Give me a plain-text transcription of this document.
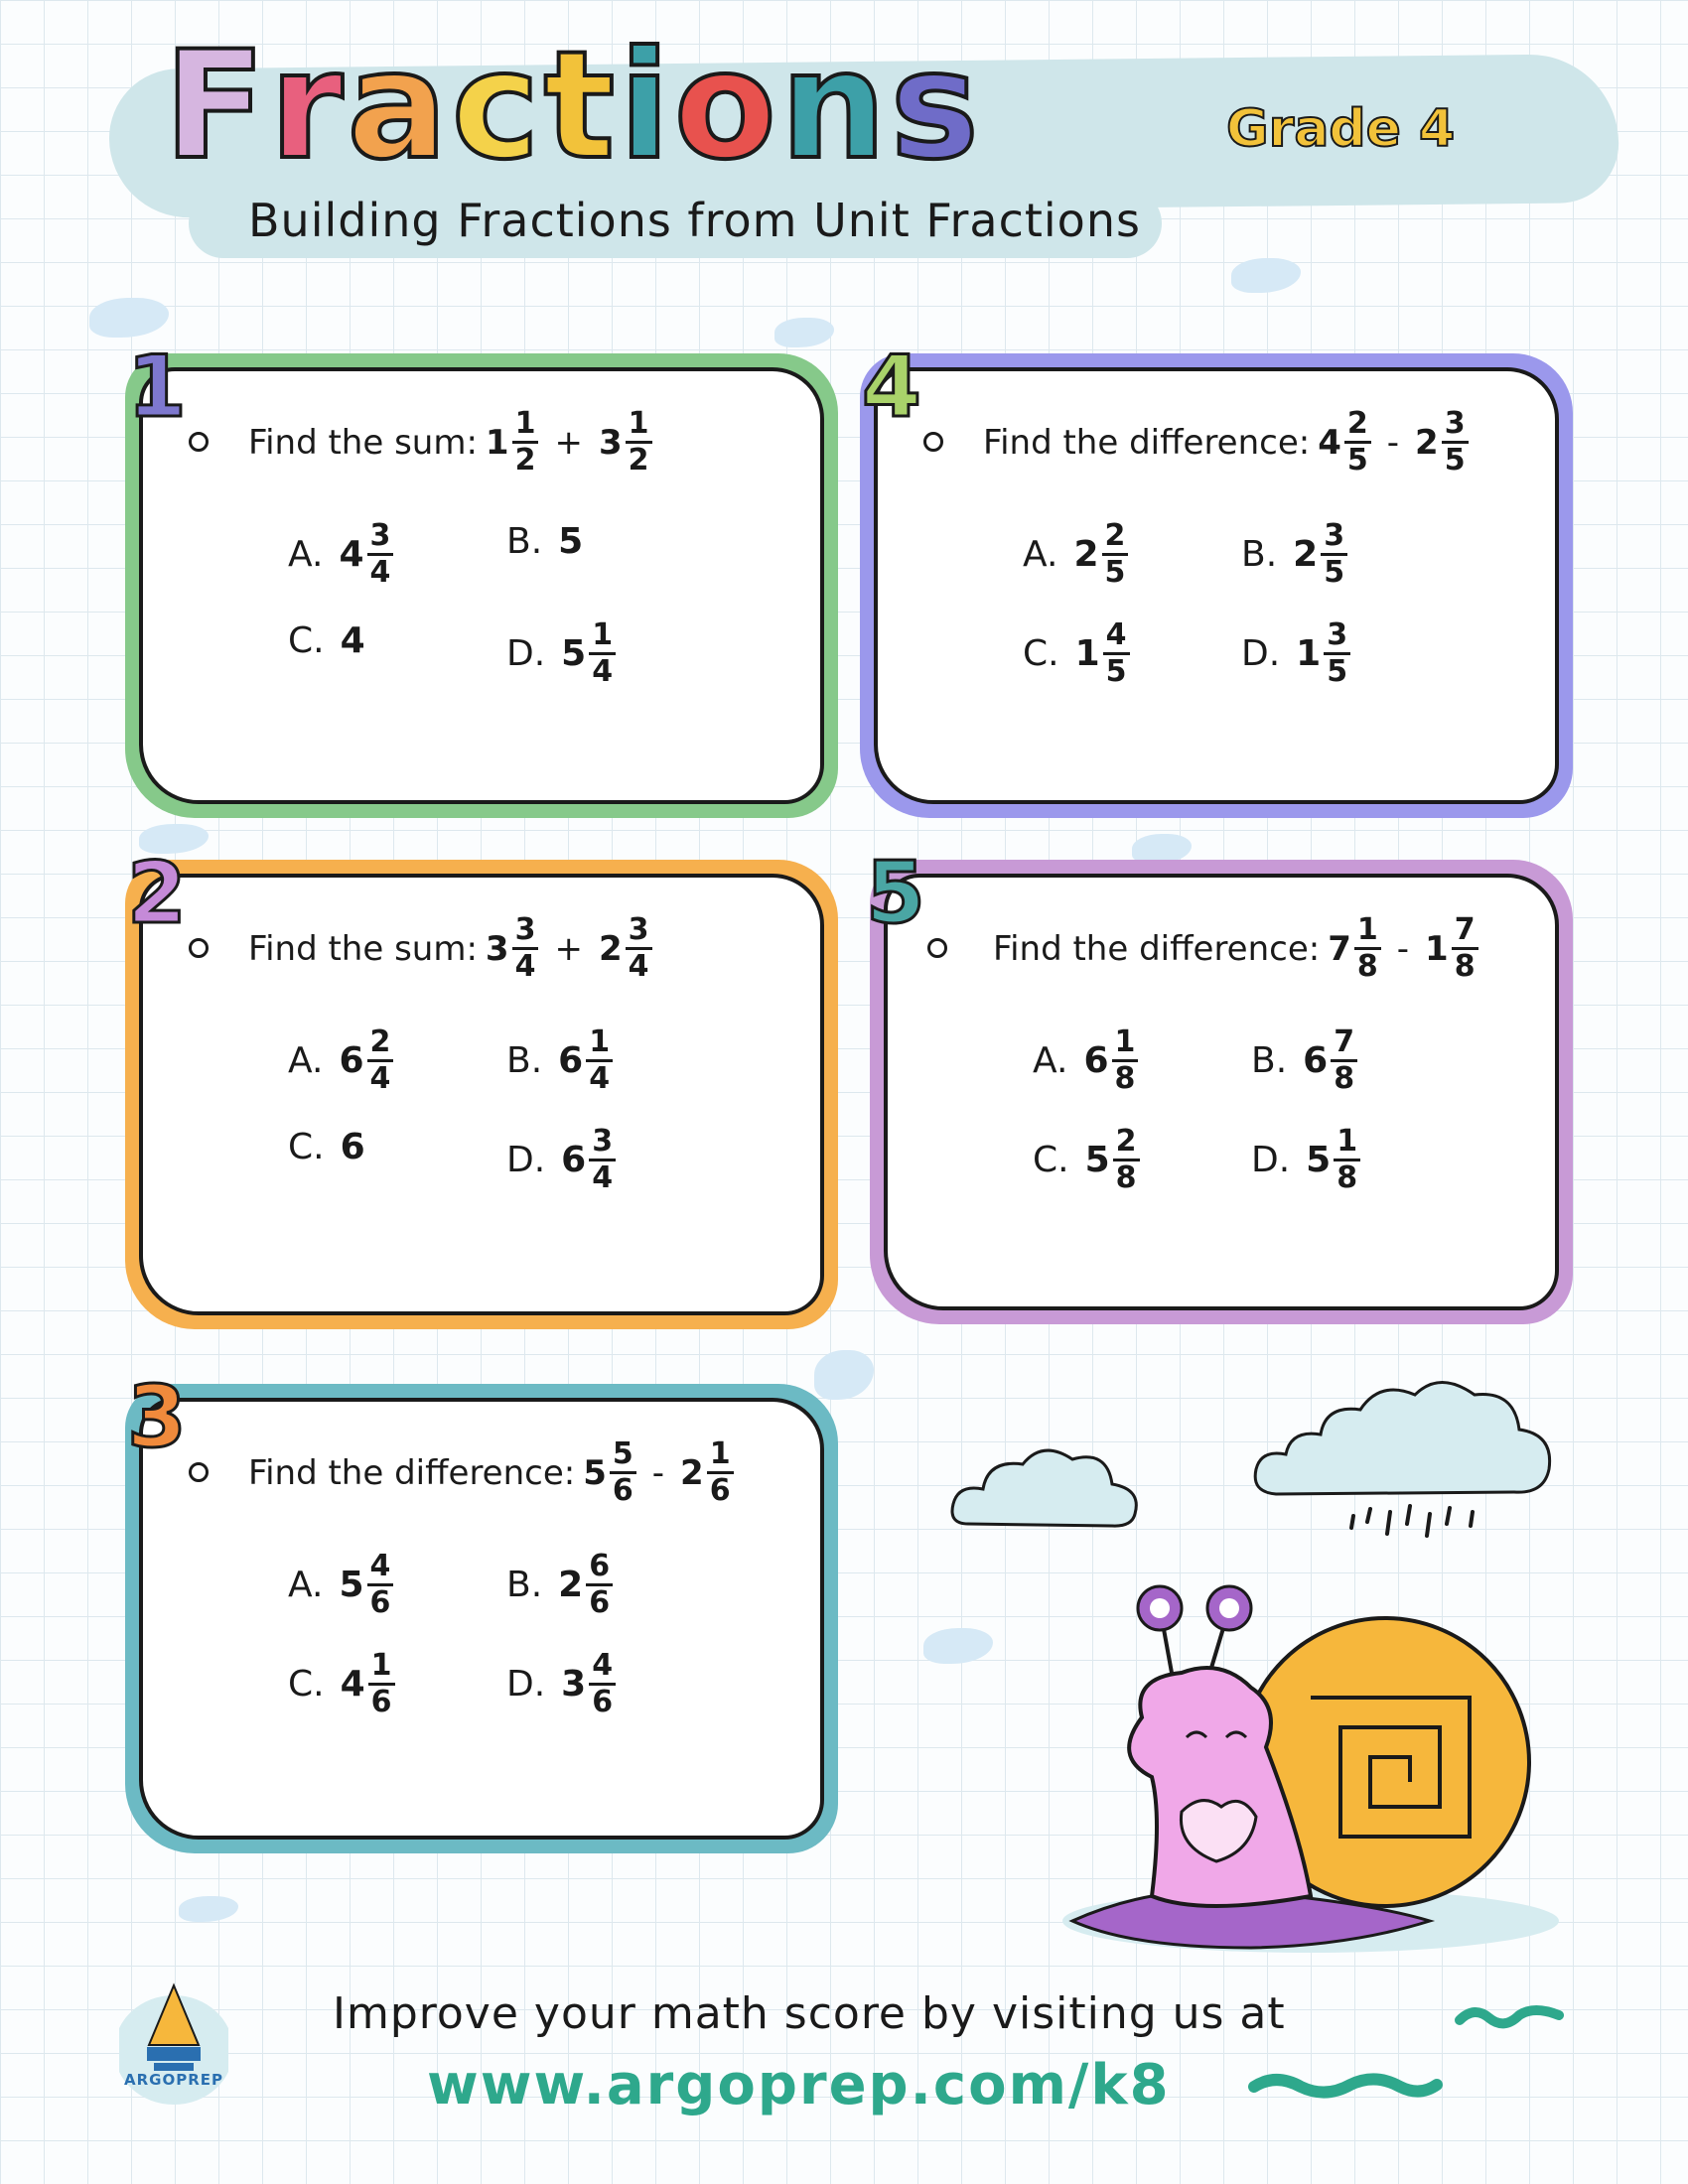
Fractions	Grade 4
Building Fractions from Unit Fractions
1
Find the sum: $1 \frac{1}{2} + 3 \frac{1}{2}$
A. $4 \frac{3}{4}$	B. 5
C. 4	D. $5 \frac{1}{4}$
2
Find the sum: $3 \frac{3}{4} + 2 \frac{3}{4}$
A. $6 \frac{2}{4}$	B. $6 \frac{1}{4}$
C. 6	D. $6 \frac{3}{4}$
3
Find the difference: $5 \frac{5}{6} - 2 \frac{1}{6}$
A. $5 \frac{4}{6}$	B. $2 \frac{6}{6}$
C. $4 \frac{1}{6}$	D. $3 \frac{4}{6}$
4
Find the difference: $4 \frac{2}{5} - 2 \frac{3}{5}$
A. $2 \frac{2}{5}$	B. $2 \frac{3}{5}$
C. $1 \frac{4}{5}$	D. $1 \frac{3}{5}$
5
Find the difference: $7 \frac{1}{8} - 1 \frac{7}{8}$
A. $6 \frac{1}{8}$	B. $6 \frac{7}{8}$
C. $5 \frac{2}{8}$	D. $5 \frac{1}{8}$
ARGOPREP
Improve your math score by visiting us at
www.argoprep.com/k8
